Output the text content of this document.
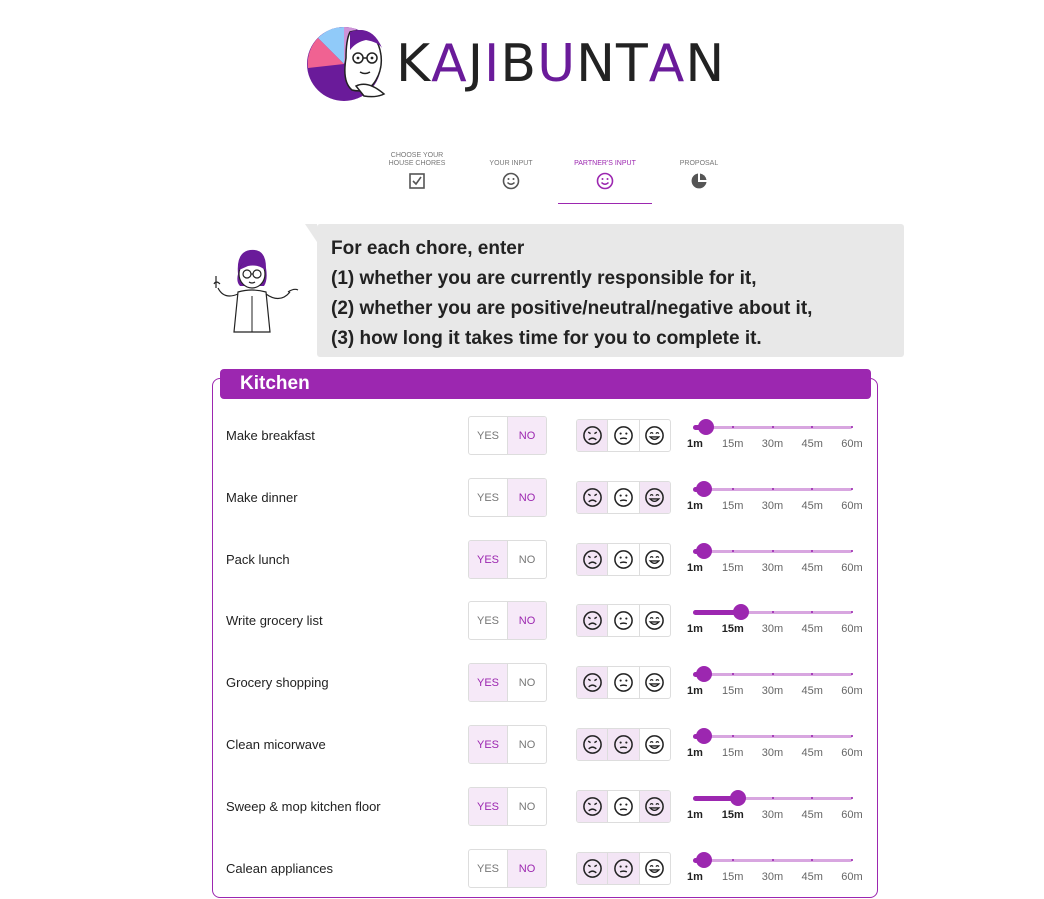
KAJIBUNTAN
CHOOSE YOUR HOUSE CHORES	YOUR INPUT	PARTNER'S INPUT	PROPOSAL
For each chore, enter
(1) whether you are currently responsible for it,
(2) whether you are positive/neutral/negative about it,
(3) how long it takes time for you to complete it.
Kitchen
Make breakfast	YES	NO
1m 15m 30m 45m 60m
Make dinner	YES	NO
1m 15m 30m 45m 60m
Pack lunch	YES	NO
1m 15m 30m 45m 60m
Write grocery list	YES	NO
1m 15m 30m 45m 60m
Grocery shopping	YES	NO
1m 15m 30m 45m 60m
Clean micorwave	YES	NO
1m 15m 30m 45m 60m
Sweep & mop kitchen floor	YES	NO
1m 15m 30m 45m 60m
Calean appliances	YES	NO
1m 15m 30m 45m 60m
